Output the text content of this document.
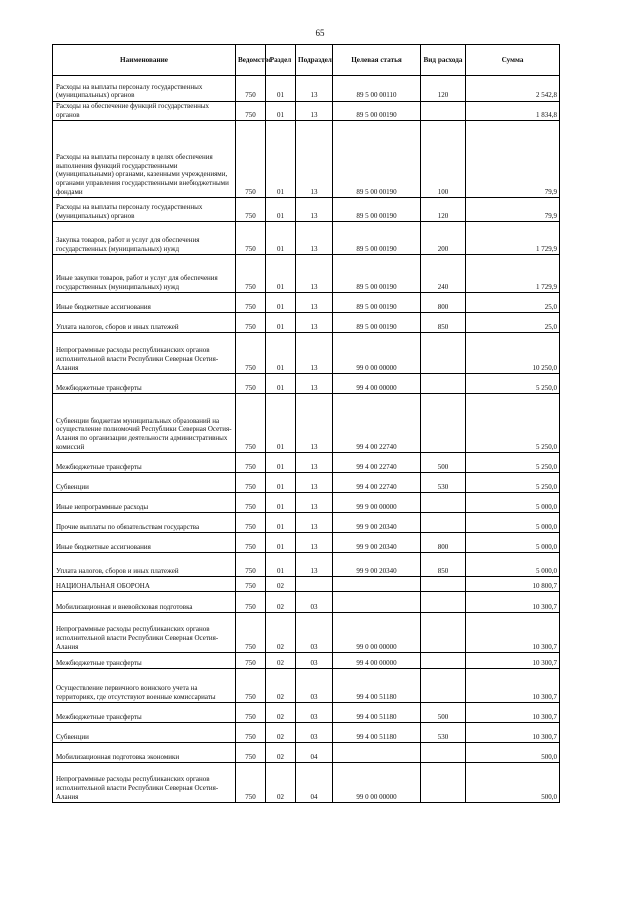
65
Наименование	Ведомство	Раздел	Подраздел	Целевая статья	Вид расхода	Сумма
Расходы на выплаты персоналу государственных (муниципальных) органов	750	01	13	89 5 00 00110	120	2 542,8
Расходы на обеспечение функций государственных органов	750	01	13	89 5 00 00190		1 834,8
Расходы на выплаты персоналу в целях обеспечения выполнения функций государственными (муниципальными) органами, казенными учреждениями, органами управления государственными внебюджетными фондами	750	01	13	89 5 00 00190	100	79,9
Расходы на выплаты персоналу государственных (муниципальных) органов	750	01	13	89 5 00 00190	120	79,9
Закупка товаров, работ и услуг для обеспечения государственных (муниципальных) нужд	750	01	13	89 5 00 00190	200	1 729,9
Иные закупки товаров, работ и услуг для обеспечения государственных (муниципальных) нужд	750	01	13	89 5 00 00190	240	1 729,9
Иные бюджетные ассигнования	750	01	13	89 5 00 00190	800	25,0
Уплата налогов, сборов и иных платежей	750	01	13	89 5 00 00190	850	25,0
Непрограммные расходы республиканских органов исполнительной власти Республики Северная Осетия-Алания	750	01	13	99 0 00 00000		10 250,0
Межбюджетные трансферты	750	01	13	99 4 00 00000		5 250,0
Субвенции бюджетам муниципальных образований на осуществление полномочий Республики Северная Осетия-Алания по организации деятельности административных комиссий	750	01	13	99 4 00 22740		5 250,0
Межбюджетные трансферты	750	01	13	99 4 00 22740	500	5 250,0
Субвенции	750	01	13	99 4 00 22740	530	5 250,0
Иные непрограммные расходы	750	01	13	99 9 00 00000		5 000,0
Прочие выплаты по обязательствам государства	750	01	13	99 9 00 20340		5 000,0
Иные бюджетные ассигнования	750	01	13	99 9 00 20340	800	5 000,0
Уплата налогов, сборов и иных платежей	750	01	13	99 9 00 20340	850	5 000,0
НАЦИОНАЛЬНАЯ ОБОРОНА	750	02				10 800,7
Мобилизационная и вневойсковая подготовка	750	02	03			10 300,7
Непрограммные расходы республиканских органов исполнительной власти Республики Северная Осетия-Алания	750	02	03	99 0 00 00000		10 300,7
Межбюджетные трансферты	750	02	03	99 4 00 00000		10 300,7
Осуществление первичного воинского учета на территориях, где отсутствуют военные комиссариаты	750	02	03	99 4 00 51180		10 300,7
Межбюджетные трансферты	750	02	03	99 4 00 51180	500	10 300,7
Субвенции	750	02	03	99 4 00 51180	530	10 300,7
Мобилизационная подготовка экономики	750	02	04			500,0
Непрограммные расходы республиканских органов исполнительной власти Республики Северная Осетия-Алания	750	02	04	99 0 00 00000		500,0
